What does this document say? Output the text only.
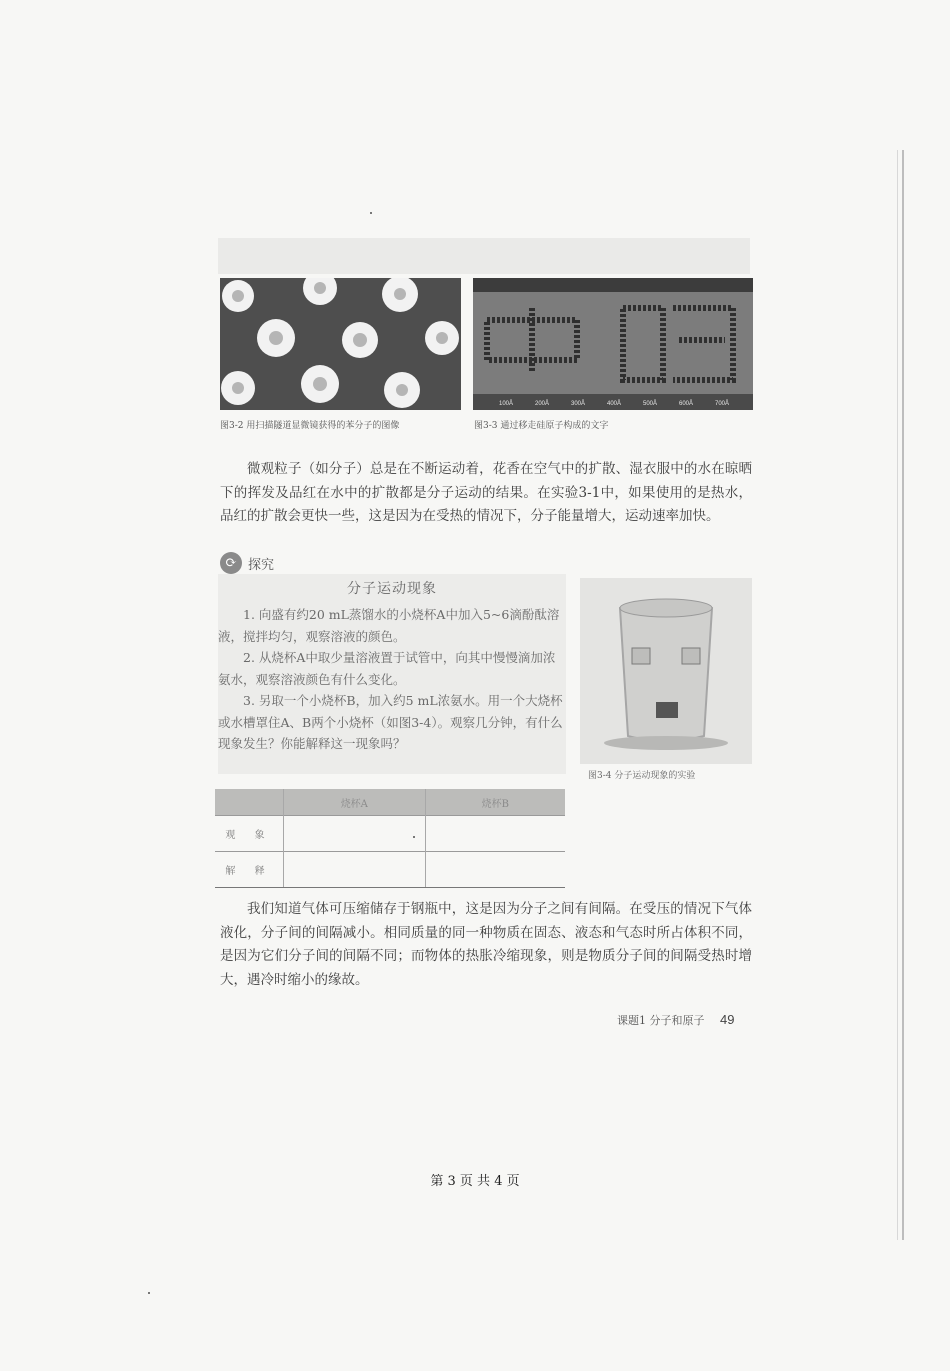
100Å	200Å	300Å	400Å	500Å	600Å	700Å
图3-2 用扫描隧道显微镜获得的苯分子的图像	图3-3 通过移走硅原子构成的文字

微观粒子（如分子）总是在不断运动着，花香在空气中的扩散、湿衣服中的水在晾晒下的挥发及品红在水中的扩散都是分子运动的结果。在实验3-1中，如果使用的是热水，品红的扩散会更快一些，这是因为在受热的情况下，分子能量增大，运动速率加快。

⟳ 探究
分子运动现象

1. 向盛有约20 mL蒸馏水的小烧杯A中加入5~6滴酚酞溶液，搅拌均匀，观察溶液的颜色。

2. 从烧杯A中取少量溶液置于试管中，向其中慢慢滴加浓氨水，观察溶液颜色有什么变化。

3. 另取一个小烧杯B，加入约5 mL浓氨水。用一个大烧杯或水槽罩住A、B两个小烧杯（如图3-4）。观察几分钟，有什么现象发生？你能解释这一现象吗？

图3-4 分子运动现象的实验
	烧杯A	烧杯B
观 象		
解 释		

我们知道气体可压缩储存于钢瓶中，这是因为分子之间有间隔。在受压的情况下气体液化，分子间的间隔减小。相同质量的同一种物质在固态、液态和气态时所占体积不同，是因为它们分子间的间隔不同；而物体的热胀冷缩现象，则是物质分子间的间隔受热时增大，遇冷时缩小的缘故。

课题1 分子和原子 49
第 3 页 共 4 页
